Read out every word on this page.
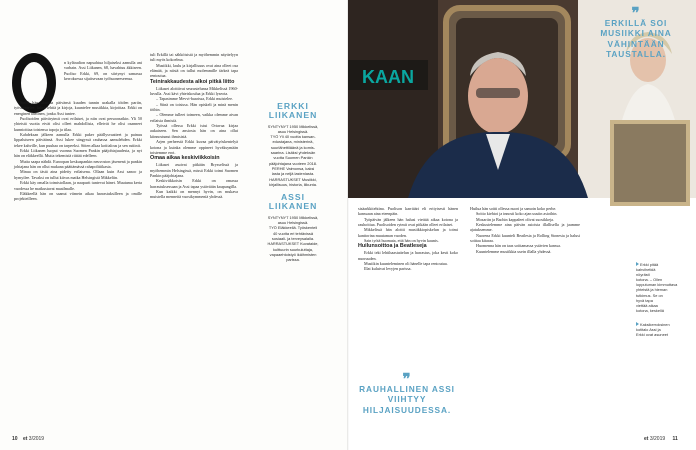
n kyläradion napsahtua hiljaiseksi aamulla ani varhain. Assi Liikanen, 68, havahtuu äkkiseen. Puoliso Erkki, 69, on siirtynyt samassa kerroksessa sijaitsevaan työhuoneeseensa.

Siellä hän aloittaa päivänsä kuuden tunnin urakalla töiden pariin, työskentelee, lukee lehtiä ja kirjoja, kuuntelee musiikkia, kirjoittaa. Erkki on energinen ihminen, jonka Assi tuntee.

Puolisoiden päivärytmit ovat erilaiset, ja niin ovat persoonatkin. Yli 50 yhteistä vuotta eivät olisi olleet mahdollisia, elleivät he olisi osanneet kunnioittaa toistensa tapoja ja tilaa.

Kahdeksan jälkeen aamulla Erkki puker päällysvaatteet ja painuu lippaluiseen päiväänsä. Assi lukee sängyssä rauhassa aamulehden. Erkki tekee kahville, kun puuhaa on tarpeeksi. Sitten alkaa kotitalous ja sen rutiinit.

Erkki Liikanen luopui vuonna Suomen Pankin pääjohtajuudesta, ja nyt hän on eläkkeellä. Mutta tekemistä riittää edelleen.

Mutta saapa nähdä. Euroopan keskuspankin neuvoston jäsenenä ja pankin johtajana hän on ollut mukana päättämässä rahapolitiikasta.

Minua on tästä aina pidetty erilaisena. Ollaan kuin Assi sanoo ja hymyilee. Tavaksi on tullut kiivas matka Helsingistä Mikkeliin.

Erkki käy omalla toimistollaan, ja naapurit tuntevat hänet. Muutama kerta vuodessa he matkustavat maailmalle.

Eläkkeellä hän on saanut viimein aikaa harrastuksilleen ja omille projekteilleen.

tuli Erkillä tai sähköisistä ja myöhemmin näyttelyyn tuli myös kokoelma.

Musiikki, laulu ja kirjallisuus ovat aina olleet osa elämää, ja niistä on tullut molemmille tärkeä tapa rentoutua.

Teinirakkaudesta alkoi pitkä liitto

Liikaset aloittivat seurustelunsa Mikkelissä 1960-luvulla. Assi kävi yhteiskoulua ja Erkki lyseota.

– Tapasimme Mevvi-baarissa, Erkki muistelee.

– Siinä on toisissa. Hän opiskeli ja minä menin töihin.

– Olemme tulleet toimeen, vaikka olemme aivan erilaisia ihmisiä.

Työssä ollessa Erkki istui Ortavaa kirjaa aukaiseen. Sen ansiosta hän on aina ollut kiinnostunut ihmisistä.

Arjen perheestä Erkki kuvaa päivätyöskentelyä kotona ja kuinka olemme oppineet hyväksymään toistemme erot.

Omaa aikaa keskiviikkoisin

Liikaset asuivat pitkään Brysselissä ja myöhemmin Helsingissä, missä Erkki toimi Suomen Pankin pääjohtajana.

Keskiviikkoisin Erkki on omassa harrastuksessaan ja Assi tapaa ystäviään kaupungilla.

Kun kaikki on mennyt hyvin, on mukava muistella menneitä vuosikymmeniä yhdessä.

ERKKI
LIIKANEN
SYNTYNYT 1950 Mikkelissä,
asuu Helsingissä.
TYÖ Yli 40 vuotta kansan-
edustajana, ministerinä,
suurlähettiläänä ja komis-
saarina. Lisäksi yhdeksän
vuotta Suomen Pankin
pääjohtajana vuoteen 2018.
PERHE Vaimonsa, kaksi
lasta ja neljä lastenlasta.
HARRASTUKSET Musiikki,
kirjallisuus, historia, liikunta.
ASSI
LIIKANEN
SYNTYNYT 1950 Mikkelissä,
asuu Helsingissä.
TYÖ Eläkkeellä. Työskenteli
40 vuotta eri tehtävissä
sosiaali- ja terveysalalla.
HARRASTUKSET Kuvataide,
kulttuurin suurkuluttaja,
vapaaehtoistyö ikäihmisten
parissa.
10 et 3/2019
KAAN
❞
ERKILLÄ SOI
MUSIIKKI AINA
VÄHINTÄÄN
TAUSTALLA.

sisäarkkitehtina. Puolison karriääri eli erityisesti hänen kanssaan aina eteenpäin.

Työpäivän jälkeen hän halusi viettää aikaa kotona ja rauhoittua. Puolisoiden rytmit ovat pitkään olleet erilaiset.

Mikkelissä hän aloitti musiikkiopiskelun ja toimi kanttorina muutaman vuoden.

Sain työtä huomata, että hän on hyvin kaunis.

Huilunsoittoa ja Beatleseja

Erkki teki lehtihaastattelun ja harrastus, joka kesti koko nuoruuden.

Musiikin kuunteleminen oli hänelle tapa rentoutua.

Illat kuluivat levyjen parissa.

❞
RAUHALLINEN ASSI
VIIHTYY
HILJAISUUDESSA.

Huilua hän soitti ollessa nuori ja samoin koko perhe.

Soitto kiehtoi ja innosti koko ajan uusiin asioihin.

Mozartin ja Bachin kappaleet olivat suosikkeja.

Keskustelemme aina päivän asioista illallisella ja jaamme ajatuksemme.

Nuorena Erkki kuunteli Beatlesia ja Rolling Stonesia ja halusi soittaa kitaraa.

Huomenna hän on taas soittamassa ystävien kanssa.

Kuuntelemme musiikkia usein illalla yhdessä.

Erkki pitää
kahvihetkiä
nöyrästi
kotona. – Ollen
lopputuman kimmuttava
yhteistä ja hieman
tutkimus. Se on
hyvä tapa
viettää aikaa
kotona, keskellä
Kaksikerroksinen
kotitalo Assi ja
Erkki ovat asuneet
et 3/2019 11
